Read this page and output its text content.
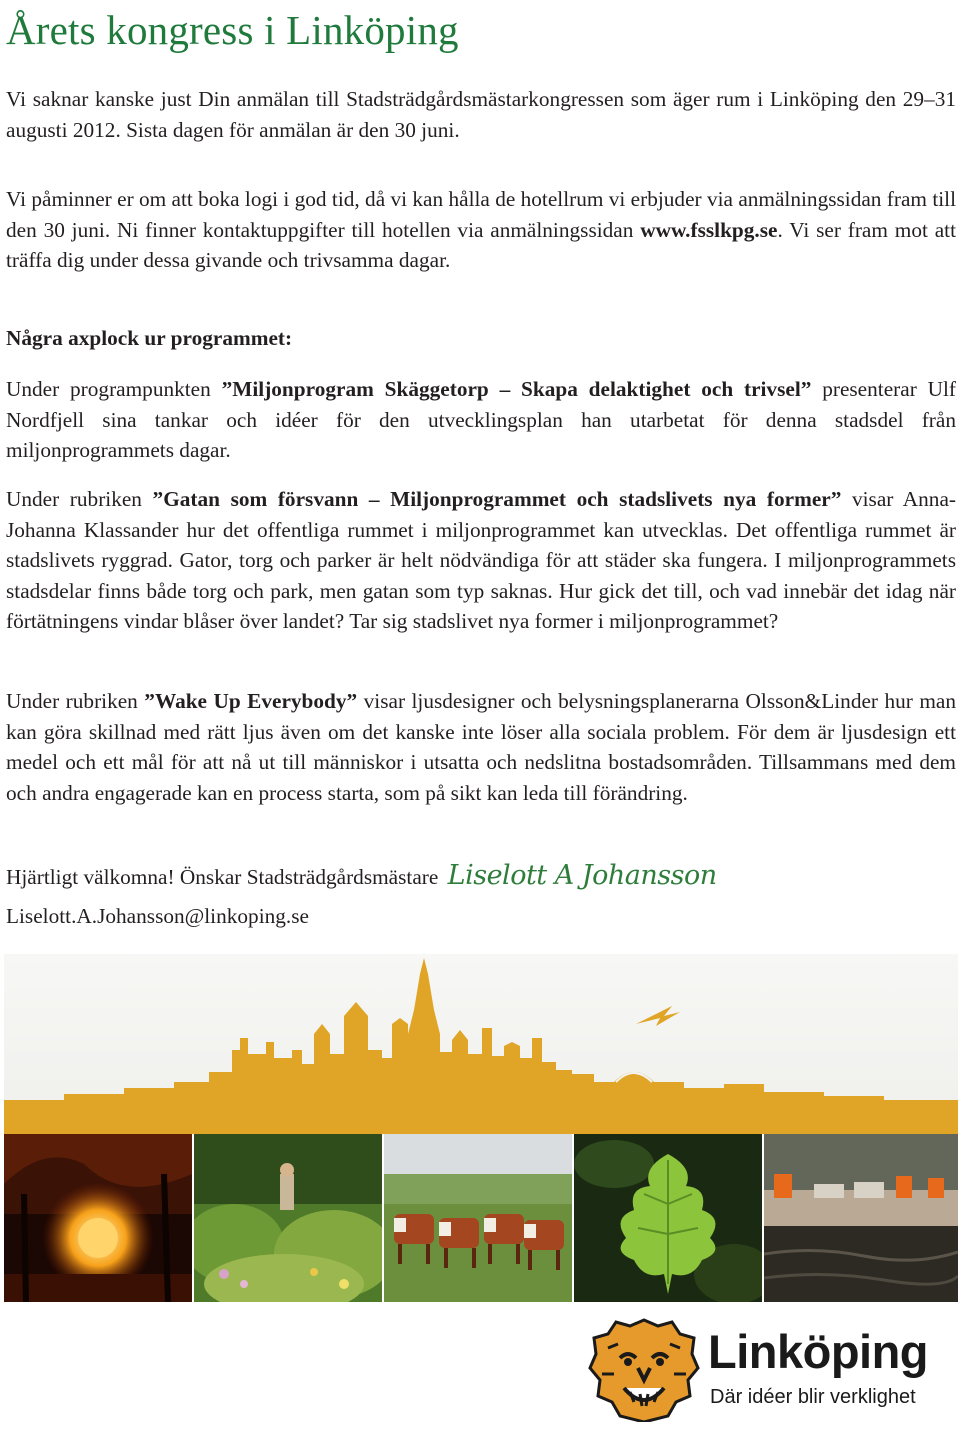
Årets kongress i Linköping

Vi saknar kanske just Din anmälan till Stadsträdgårdsmästarkongressen som äger rum i Linköping den 29–31 augusti 2012. Sista dagen för anmälan är den 30 juni.

Vi påminner er om att boka logi i god tid, då vi kan hålla de hotellrum vi erbjuder via anmälningssidan fram till den 30 juni. Ni finner kontaktuppgifter till hotellen via anmälningssidan www.fsslkpg.se. Vi ser fram mot att träffa dig under dessa givande och trivsamma dagar.

Några axplock ur programmet:

Under programpunkten ”Miljonprogram Skäggetorp – Skapa delaktighet och trivsel” presenterar Ulf Nordfjell sina tankar och idéer för den utvecklingsplan han utarbetat för denna stadsdel från miljonprogrammets dagar.

Under rubriken ”Gatan som försvann – Miljonprogrammet och stadslivets nya former” visar Anna-Johanna Klassander hur det offentliga rummet i miljonprogrammet kan utvecklas. Det offentliga rummet är stadslivets ryggrad. Gator, torg och parker är helt nödvändiga för att städer ska fungera. I miljonprogrammets stadsdelar finns både torg och park, men gatan som typ saknas. Hur gick det till, och vad innebär det idag när förtätningens vindar blåser över landet? Tar sig stadslivet nya former i miljonprogrammet?

Under rubriken ”Wake Up Everybody” visar ljusdesigner och belysningsplanerarna Olsson&Linder hur man kan göra skillnad med rätt ljus även om det kanske inte löser alla sociala problem. För dem är ljusdesign ett medel och ett mål för att nå ut till människor i utsatta och nedslitna bostadsområden. Tillsammans med dem och andra engagerade kan en process starta, som på sikt kan leda till förändring.

Hjärtligt välkomna! Önskar Stadsträdgårdsmästare Liselott A Johansson

Liselott.A.Johansson@linkoping.se

Linköping

Där idéer blir verklighet
